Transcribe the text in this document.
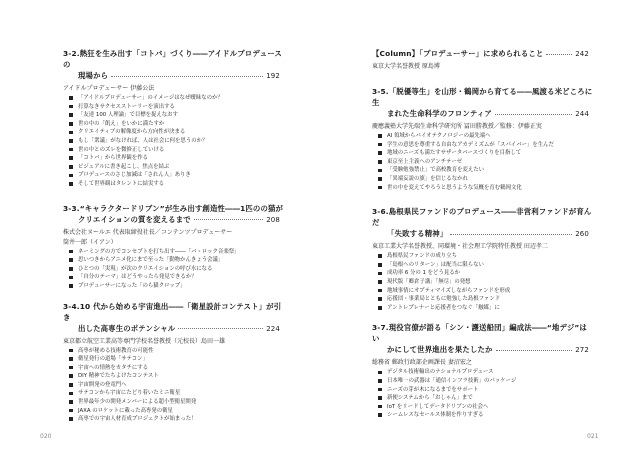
020	021
3-2.熱狂を生み出す「コトバ」づくり――アイドルプロデュースの
現場から	192
アイドルプロデューサー 伊藤公法
「アイドルプロデューサー」のイメージはなぜ曖昧なのか？
打算なきサクセスストーリーを演出する
「友達 100 人理論」で目標を捉えなおす
世の中の「飢え」をいかに満たすか
クリエイティブの解像度から方向性が決まる
もし「衆議」がなければ、人は社会に何を思うのか？
世の中とのズレを微修正していける
「コトバ」から世界観を作る
ビジュアルに書き起こし、焦点を結ぶ
プロデュースのさじ加減は「されん人」ありき
そして世界観はタレントに結実する
3-3.“キャラクタードリブン”が生み出す創造性――1匹のの猫が
クリエイションの質を変えるまで	208
株式会社ヌールエ 代表取締役社長／コンテンツプロデューサー
筒井一郎（イアン）
ネーミングの方でコンセプトを打ち出す――「バ・ロック音楽祭」
思いつきからアニメ化にまで至った「動物かんきょう会議」
ひとつの「実現」が次のクリエイションの呼び水になる
「自分のテーマ」はどうやったら発見できるか？
プロデューサーになった「のら猫クロップ」
3-4.10 代から始める宇宙進出――「衛星設計コンテスト」が引き
出した高専生のポテンシャル	224
東京都立航空工業高等専門学校名誉教授（元校長）島田一雄
高専が秘める技術教育の可能性
衛星発行の道場「サテコン」
宇宙への情熱をカタチにする
DIY 精神でたちよけたコンテスト
宇宙開発の登竜門へ
サテコンから宇宙にたどり着いたミニ衛星
世界最年少の開発メンバーによる超小型衛星開発
JAXA のロケットに載った高専発の衛星
高専での宇宙人材育成プロジェクトが始まった！
【Column】「プロデューサー」に求められること	242
東京大学名誉教授 原島博
3-5.「脱優等生」を山形・鶴岡から育てる――風渡る米どころに生
まれた生命科学のフロンティア	244
慶應義塾大学先端生命科学研究所 冨田勝教授／監修：伊藤正実
AI 領域からバイオテクノロジーの最先端へ
学生の意思を尊重する自由なアカデミズムが「スパイバー」を生んだ
地域のニーズも満たすサザータバースづくりを目指して
東京至上主義へのアンチテーゼ
「受験勉強禁止」で高校教育を変えたい
「異端妄説の旗」を信じるなかれ
世の中を変えてやろうと思うような気概を育む鶴岡文化
3-6.島根県民ファンドのプロデュース――非営利ファンドが育んだ
「失敗する精神」	260
東京工業大学名誉教授、同環境・社会理工学院特任教授 田辺孝二
島根県民ファンドの成り立ち
「島根へのリターン」は配当に限らない
成功率 6 分の 1 をどう見るか
現代版「郷倉子講」「無尽」の発想
地域事情にオプティマイズしながらファンドを形成
応援団・事業局とともに勉強した島根ファンド
アントレプレナーと応援者をつなぐ「触媒」に
3-7.現役官僚が語る「シン・護送船団」編成法――“地デジ”はい
かにして世界進出を果たしたか	272
総務省 郵政行政部企画課長 妻沼宏之
デジタル技術輸出のナショナルプロデュース
日本唯一の武器は「通信インフラ技術」のパッケージ
ニーズの芽が木になるまでをサポート
新便システムから「おしゃん」まで
IoT をリードしてデータドリブンの社会へ
シームレスなセールス体制を作りすぎる
